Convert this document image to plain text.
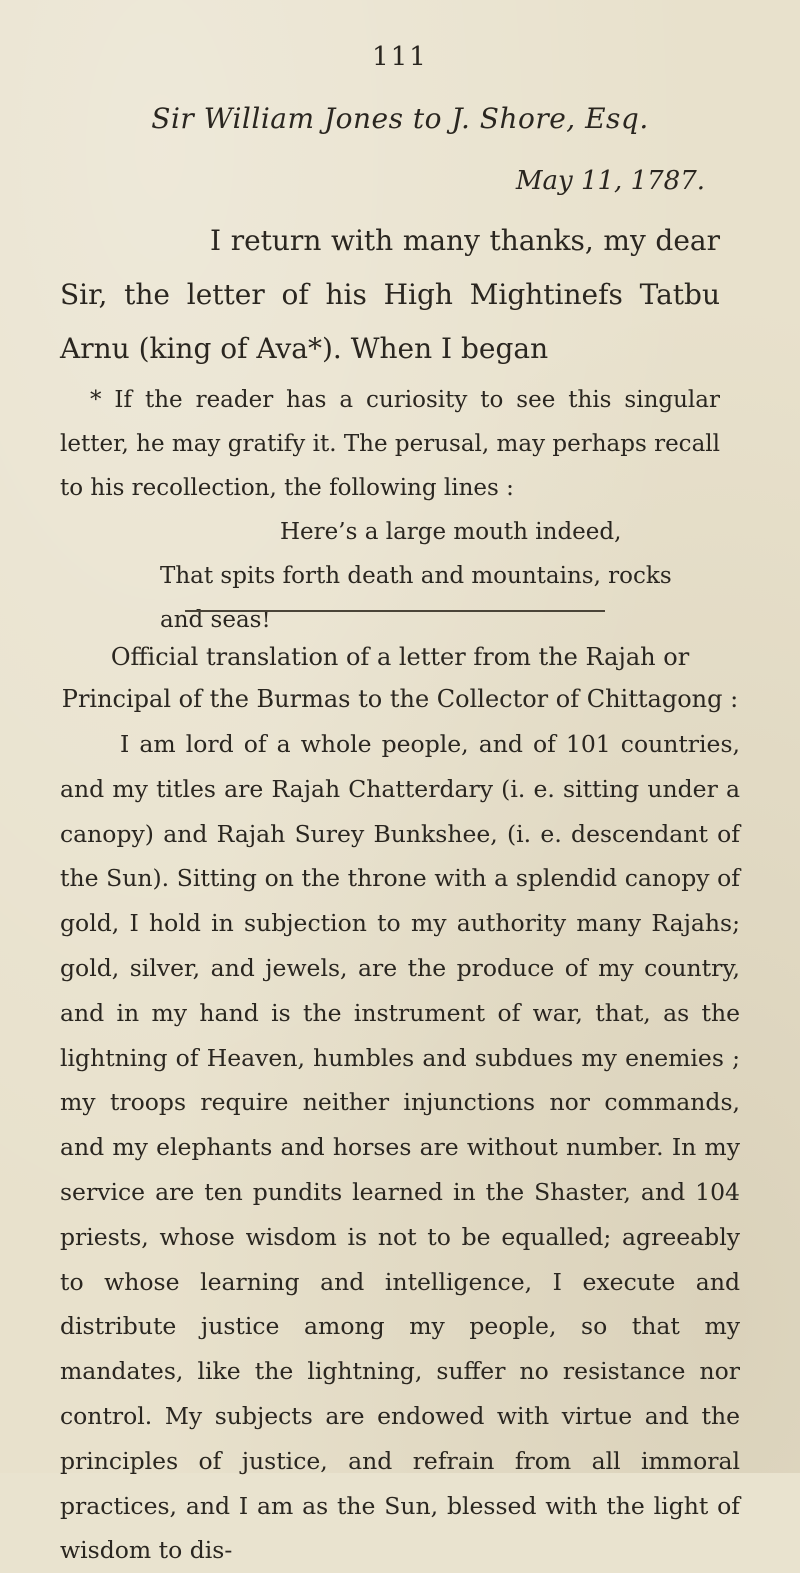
111
Sir William Jones to J. Shore, Esq.
May 11, 1787.

I return with many thanks, my dear Sir, the letter of his High Mightinefs Tatbu Arnu (king of Ava*). When I began

* If the reader has a curiosity to see this singular letter, he may gratify it. The perusal, may perhaps recall to his recollection, the following lines :

Here’s a large mouth indeed,
That spits forth death and mountains, rocks and seas!

Official translation of a letter from the Rajah or Principal of the Burmas to the Collector of Chittagong :

I am lord of a whole people, and of 101 countries, and my titles are Rajah Chatterdary (i. e. sitting under a canopy) and Rajah Surey Bunkshee, (i. e. descendant of the Sun). Sitting on the throne with a splendid canopy of gold, I hold in subjection to my authority many Rajahs; gold, silver, and jewels, are the produce of my country, and in my hand is the instrument of war, that, as the lightning of Heaven, humbles and subdues my enemies ; my troops require neither injunctions nor commands, and my elephants and horses are without number. In my service are ten pundits learned in the Shaster, and 104 priests, whose wisdom is not to be equalled; agreeably to whose learning and intelligence, I execute and distribute justice among my people, so that my mandates, like the lightning, suffer no resistance nor control. My subjects are endowed with virtue and the principles of justice, and refrain from all immoral practices, and I am as the Sun, blessed with the light of wisdom to dis-
